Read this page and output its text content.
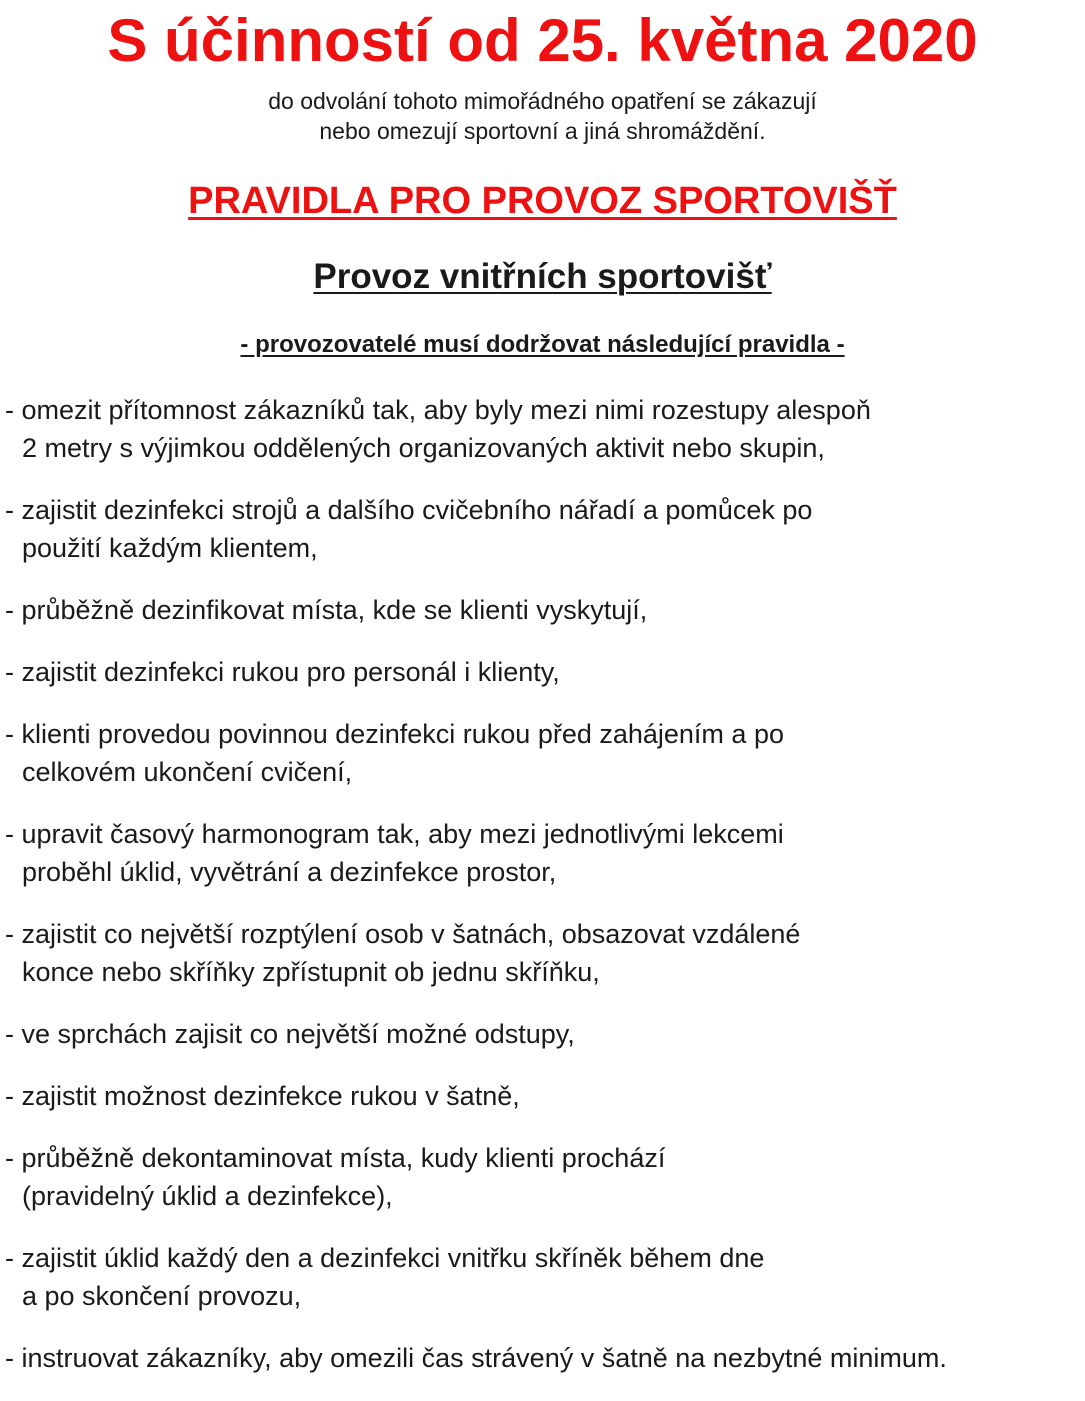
S účinností od 25. května 2020

do odvolání tohoto mimořádného opatření se zákazují
nebo omezují sportovní a jiná shromáždění.

PRAVIDLA PRO PROVOZ SPORTOVIŠŤ
Provoz vnitřních sportovišť

- provozovatelé musí dodržovat následující pravidla -

- omezit přítomnost zákazníků tak, aby byly mezi nimi rozestupy alespoň
2 metry s výjimkou oddělených organizovaných aktivit nebo skupin,
- zajistit dezinfekci strojů a dalšího cvičebního nářadí a pomůcek po
použití každým klientem,
- průběžně dezinfikovat místa, kde se klienti vyskytují,
- zajistit dezinfekci rukou pro personál i klienty,
- klienti provedou povinnou dezinfekci rukou před zahájením a po
celkovém ukončení cvičení,
- upravit časový harmonogram tak, aby mezi jednotlivými lekcemi
proběhl úklid, vyvětrání a dezinfekce prostor,
- zajistit co největší rozptýlení osob v šatnách, obsazovat vzdálené
konce nebo skříňky zpřístupnit ob jednu skříňku,
- ve sprchách zajisit co největší možné odstupy,
- zajistit možnost dezinfekce rukou v šatně,
- průběžně dekontaminovat místa, kudy klienti prochází
(pravidelný úklid a dezinfekce),
- zajistit úklid každý den a dezinfekci vnitřku skříněk během dne
a po skončení provozu,
- instruovat zákazníky, aby omezili čas strávený v šatně na nezbytné minimum.
